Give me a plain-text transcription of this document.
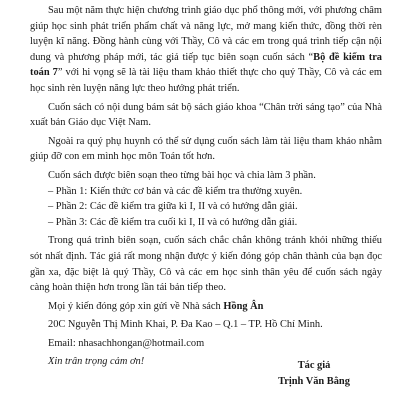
Sau một năm thực hiện chương trình giáo dục phổ thông mới, với phương châm giúp học sinh phát triển phẩm chất và năng lực, mở mang kiến thức, đồng thời rèn luyện kĩ năng. Đồng hành cùng với Thầy, Cô và các em trong quá trình tiếp cận nội dung và phương pháp mới, tác giả tiếp tục biên soạn cuốn sách “Bộ đề kiểm tra toán 7” với hi vọng sẽ là tài liệu tham khảo thiết thực cho quý Thầy, Cô và các em học sinh rèn luyện năng lực theo hướng phát triển.

Cuốn sách có nội dung bám sát bộ sách giáo khoa “Chân trời sáng tạo” của Nhà xuất bản Giáo dục Việt Nam.

Ngoài ra quý phụ huynh có thể sử dụng cuốn sách làm tài liệu tham khảo nhằm giúp đỡ con em mình học môn Toán tốt hơn.

Cuốn sách được biên soạn theo từng bài học và chia làm 3 phần.

– Phần 1: Kiến thức cơ bản và các đề kiểm tra thường xuyên.

– Phần 2: Các đề kiểm tra giữa kì I, II và có hướng dẫn giải.

– Phần 3: Các đề kiểm tra cuối kì I, II và có hướng dẫn giải.

Trong quá trình biên soạn, cuốn sách chắc chắn không tránh khỏi những thiếu sót nhất định. Tác giả rất mong nhận được ý kiến đóng góp chân thành của bạn đọc gần xa, đặc biệt là quý Thầy, Cô và các em học sinh thân yêu để cuốn sách ngày càng hoàn thiện hơn trong lần tái bản tiếp theo.

Mọi ý kiến đóng góp xin gửi về Nhà sách Hồng Ân

20C Nguyễn Thị Minh Khai, P. Đa Kao – Q.1 – TP. Hồ Chí Minh.

Email: nhasachhongan@hotmail.com

Xin trân trọng cảm ơn!	Tác giả
Trịnh Văn Bằng
